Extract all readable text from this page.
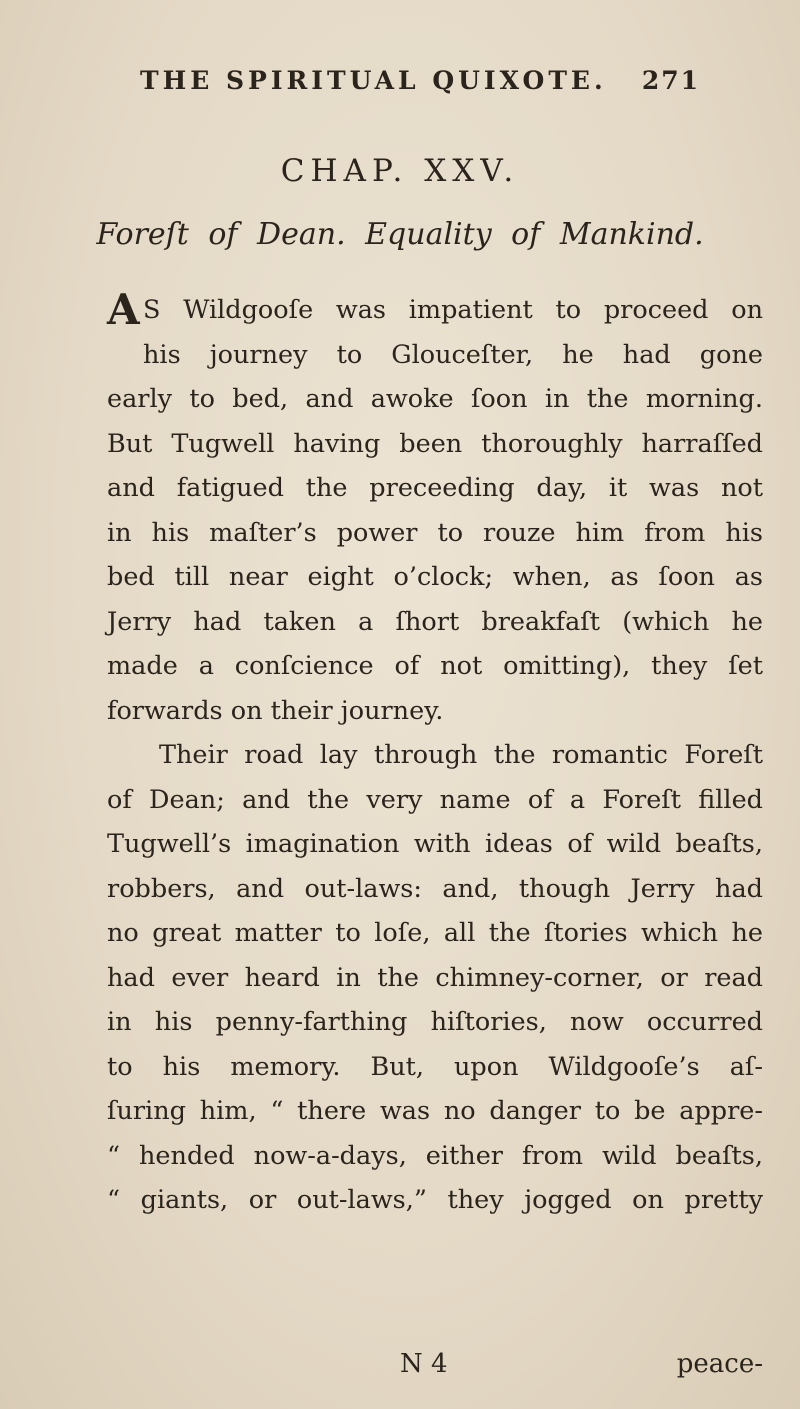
THE SPIRITUAL QUIXOTE. 271
CHAP. XXV.
Foreſt of Dean. Equality of Mankind.
A S Wildgooſe was impatient to proceed on
his journey to Glouceſter, he had gone
early to bed, and awoke ſoon in the morning.
But Tugwell having been thoroughly harraſſed
and fatigued the preceeding day, it was not
in his maſter’s power to rouze him from his
bed till near eight o’clock; when, as ſoon as
Jerry had taken a ſhort breakfaſt (which he
made a conſcience of not omitting), they ſet
forwards on their journey.
Their road lay through the romantic Foreſt
of Dean; and the very name of a Foreſt filled
Tugwell’s imagination with ideas of wild beaſts,
robbers, and out-laws: and, though Jerry had
no great matter to loſe, all the ſtories which he
had ever heard in the chimney-corner, or read
in his penny-farthing hiſtories, now occurred
to his memory. But, upon Wildgooſe’s aſ-
ſuring him, “ there was no danger to be appre-
“ hended now-a-days, either from wild beaſts,
“ giants, or out-laws,” they jogged on pretty
N 4	peace-
